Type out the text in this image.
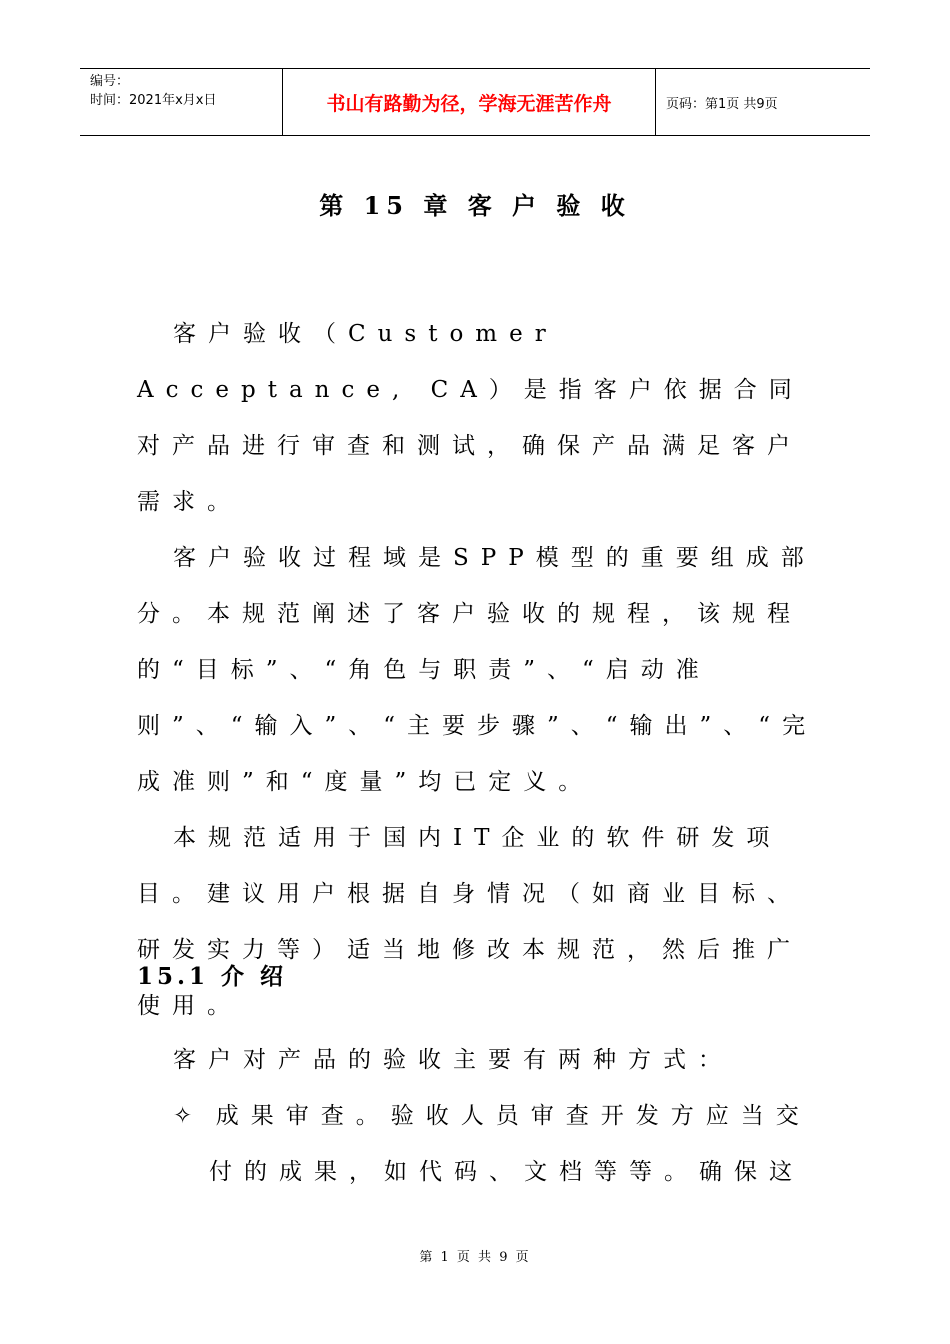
编号：
时间：2021年x月x日	书山有路勤为径，学海无涯苦作舟	页码：第1页 共9页
第 15 章 客 户 验 收

客户验收（Customer Acceptance, CA）是指客户依据合同对产品进行审查和测试，确保产品满足客户需求。

客户验收过程域是SPP模型的重要组成部分。本规范阐述了客户验收的规程，该规程的“目标”、“角色与职责”、“启动准则”、“输入”、“主要步骤”、“输出”、“完成准则”和“度量”均已定义。

本规范适用于国内IT企业的软件研发项目。建议用户根据自身情况（如商业目标、研发实力等）适当地修改本规范，然后推广使用。

15.1 介 绍

客户对产品的验收主要有两种方式：

✧  成果审查。验收人员审查开发方应当交付的成果，如代码、文档等等。确保这

第 1 页 共 9 页
